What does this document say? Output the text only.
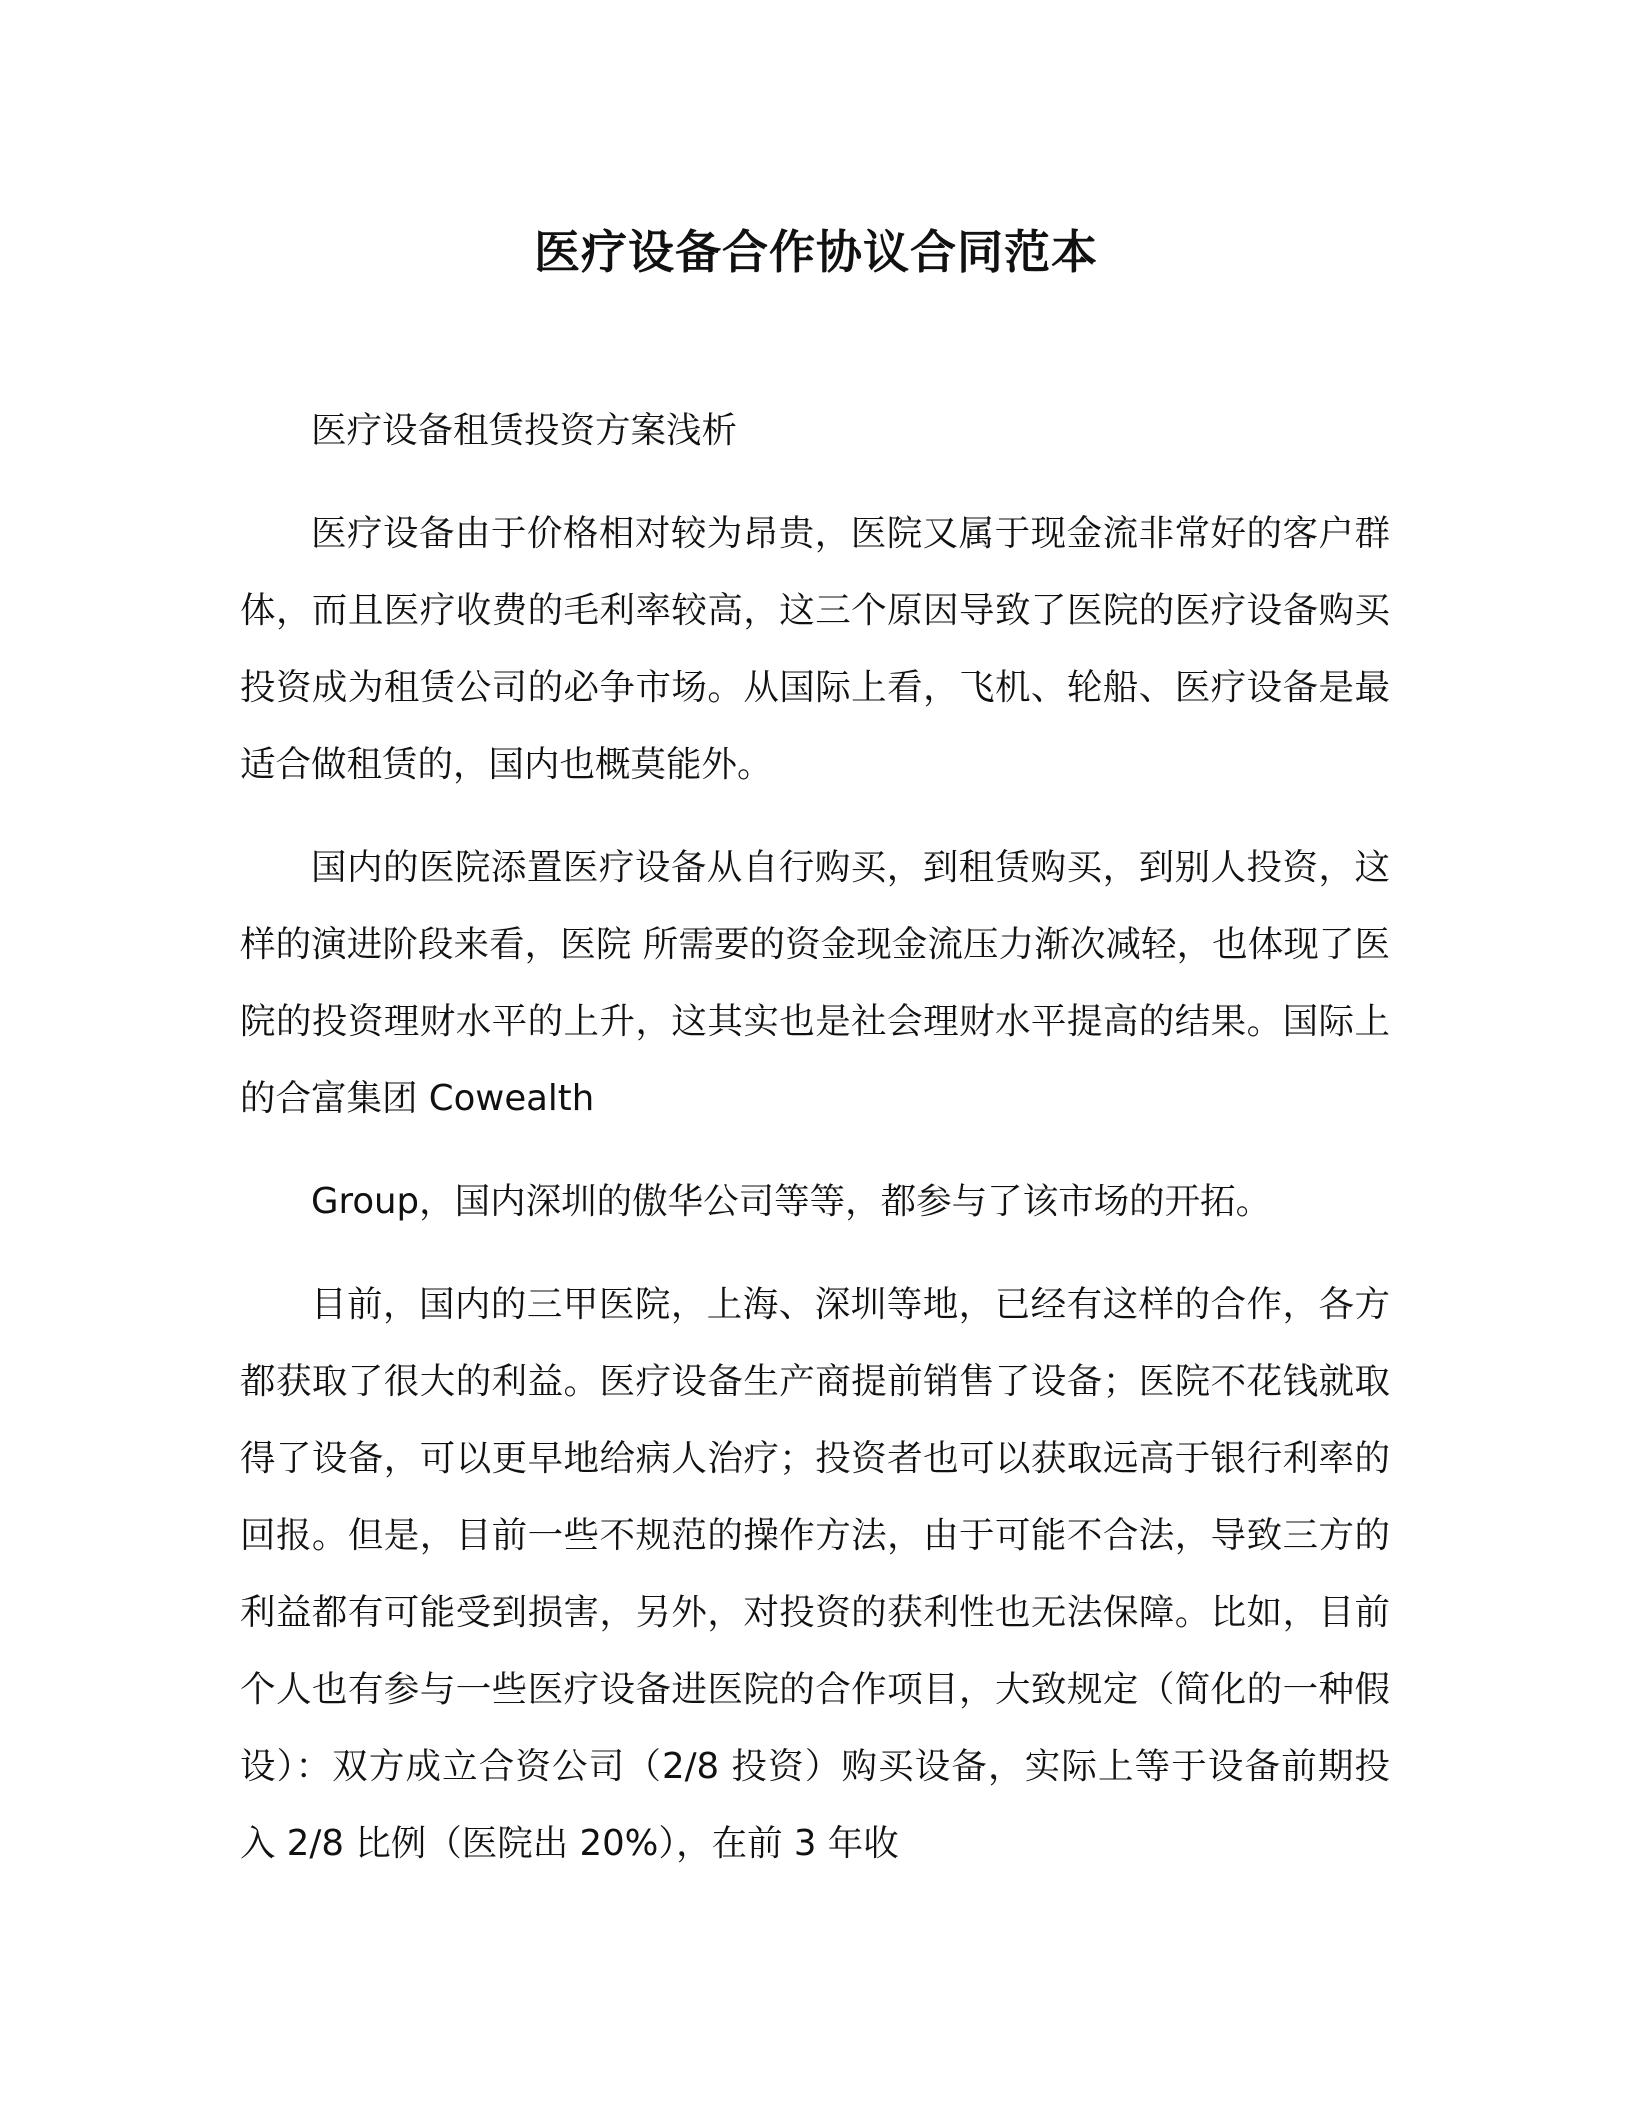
医疗设备合作协议合同范本

医疗设备租赁投资方案浅析

医疗设备由于价格相对较为昂贵，医院又属于现金流非常好的客户群体，而且医疗收费的毛利率较高，这三个原因导致了医院的医疗设备购买投资成为租赁公司的必争市场。从国际上看，飞机、轮船、医疗设备是最适合做租赁的，国内也概莫能外。

国内的医院添置医疗设备从自行购买，到租赁购买，到别人投资，这样的演进阶段来看，医院 所需要的资金现金流压力渐次减轻，也体现了医院的投资理财水平的上升，这其实也是社会理财水平提高的结果。国际上的合富集团 Cowealth

Group，国内深圳的傲华公司等等，都参与了该市场的开拓。

目前，国内的三甲医院，上海、深圳等地，已经有这样的合作，各方都获取了很大的利益。医疗设备生产商提前销售了设备；医院不花钱就取得了设备，可以更早地给病人治疗；投资者也可以获取远高于银行利率的回报。但是，目前一些不规范的操作方法，由于可能不合法，导致三方的利益都有可能受到损害，另外，对投资的获利性也无法保障。比如，目前个人也有参与一些医疗设备进医院的合作项目，大致规定（简化的一种假设）：双方成立合资公司（2/8 投资）购买设备，实际上等于设备前期投入 2/8 比例（医院出 20%），在前 3 年收
